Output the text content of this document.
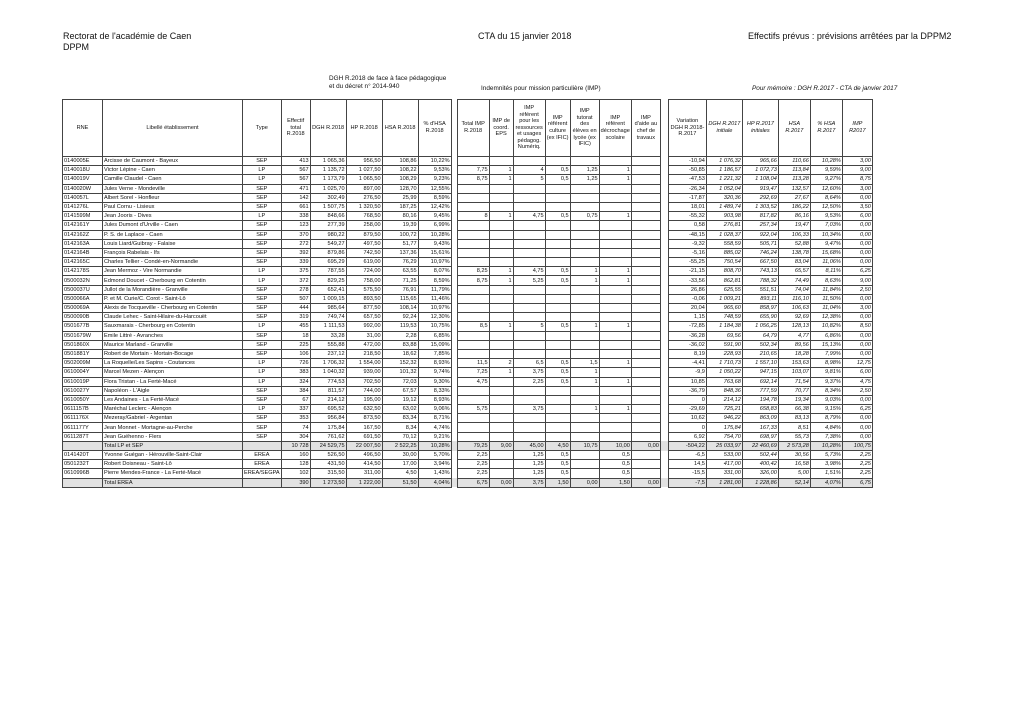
Rectorat de l'académie de Caen
DPPM
CTA du 15 janvier 2018	Effectifs prévus : prévisions arrêtées par la DPPM2
DGH R.2018 de face à face pédagogique
et du décret n° 2014-940	Indemnités pour mission particulière (IMP)	Pour mémoire : DGH R.2017 - CTA de janvier 2017
RNE	Libellé établissement	Type	Effectif total R.2018	DGH R.2018	HP R.2018	HSA R.2018	% d'HSA R.2018		Total IMP R.2018	IMP de coord. EPS	IMP référent pour les ressources et usages pédagog. Numériq.	IMP référent culture (ex IFIC)	IMP tutorat des élèves en lycée (ex IFIC)	IMP référent décrochage scolaire	IMP d'aide au chef de travaux		Variation DGH R.2018-R.2017	DGH R.2017 initiale	HP R.2017 initiales	HSA R.2017	% HSA R.2017	IMP R2017
0140005E	Arcisse de Caumont - Bayeux	SEP	413	1 065,36	956,50	108,86	10,22%										-10,94	1 076,32	965,66	110,66	10,28%	3,00
0140018U	Victor Lépine - Caen	LP	567	1 135,72	1 027,50	108,22	9,53%		7,75	1	4	0,5	1,25	1			-50,85	1 186,57	1 072,73	113,84	9,59%	9,00
0140019V	Camille Claudel - Caen	LP	567	1 173,79	1 065,50	108,29	9,23%		8,75	1	5	0,5	1,25	1			-47,53	1 221,32	1 108,04	113,28	9,27%	8,75
0140020W	Jules Verne - Mondeville	SEP	471	1 025,70	897,00	128,70	12,55%										-26,34	1 052,04	919,47	132,57	12,60%	3,00
0140057L	Albert Sorel - Honfleur	SEP	142	302,49	276,50	25,99	8,59%										-17,87	320,36	292,69	27,67	8,64%	0,00
0141276L	Paul Cornu - Lisieux	SEP	661	1 507,75	1 320,50	187,25	12,42%										18,01	1 489,74	1 303,52	186,22	12,50%	3,50
0141599M	Jean Jooris - Dives	LP	338	848,66	768,50	80,16	9,45%		8	1	4,75	0,5	0,75	1			-55,32	903,98	817,82	86,16	9,53%	6,00
0142161Y	Jules Dumont d'Urville - Caen	SEP	123	277,39	258,00	19,39	6,99%										0,58	276,81	257,34	19,47	7,03%	0,00
0142162Z	P. S. de Laplace - Caen	SEP	370	980,22	879,50	100,72	10,28%										-48,15	1 028,37	922,04	106,33	10,34%	0,00
0142163A	Louis Liard/Guibray - Falaise	SEP	272	549,27	497,50	51,77	9,43%										-9,32	558,59	505,71	52,88	9,47%	0,00
0142164B	François Rabelais - Ifs	SEP	392	879,86	742,50	137,36	15,61%										-5,16	885,02	746,24	138,78	15,68%	0,00
0142165C	Charles Tellier - Condé-en-Normandie	SEP	339	695,29	619,00	76,29	10,97%										-55,25	750,54	667,50	83,04	11,06%	0,00
0142178S	Jean Mermoz - Vire Normandie	LP	375	787,55	724,00	63,55	8,07%		8,25	1	4,75	0,5	1	1			-21,15	808,70	743,13	65,57	8,11%	6,25
0500032N	Edmond Doucet - Cherbourg en Cotentin	LP	372	829,25	758,00	71,25	8,59%		8,75	1	5,25	0,5	1	1			-33,56	862,81	788,32	74,49	8,63%	9,00
0500037U	Jullot de la Morandière - Granville	SEP	278	652,41	575,50	76,91	11,79%										26,86	625,55	551,51	74,04	11,84%	2,50
0500066A	P. et M. Curie/C. Corot - Saint-Lô	SEP	507	1 009,15	893,50	115,65	11,46%										-0,06	1 009,21	893,11	116,10	11,50%	0,00
0500069A	Alexis de Tocqueville - Cherbourg en Cotentin	SEP	444	985,64	877,50	108,14	10,97%										20,04	965,60	858,97	106,63	11,04%	3,00
0500090B	Claude Lehec - Saint-Hilaire-du-Harcouët	SEP	319	749,74	657,50	92,24	12,30%										1,15	748,59	655,90	92,69	12,38%	0,00
0501677B	Sauxmarais - Cherbourg en Cotentin	LP	455	1 111,53	992,00	119,53	10,75%		8,5	1	5	0,5	1	1			-72,85	1 184,38	1 056,25	128,13	10,82%	8,50
0501679W	Emile Littré - Avranches	SEP	18	33,28	31,00	2,28	6,85%										-36,28	69,56	64,79	4,77	6,86%	0,00
0501860X	Maurice Marland - Granville	SEP	225	555,88	472,00	83,88	15,09%										-36,02	591,90	502,34	89,56	15,13%	0,00
0501881Y	Robert de Mortain - Mortain-Bocage	SEP	106	237,12	218,50	18,62	7,85%										8,19	228,93	210,65	18,28	7,99%	0,00
0502009M	La Roquelle/Les Sapins - Coutances	LP	726	1 706,32	1 554,00	152,32	8,93%		11,5	2	6,5	0,5	1,5	1			-4,41	1 710,73	1 557,10	153,63	8,98%	12,75
0610004Y	Marcel Mezen - Alençon	LP	383	1 040,32	939,00	101,32	9,74%		7,25	1	3,75	0,5	1				-9,9	1 050,22	947,15	103,07	9,81%	6,00
0610019P	Flora Tristan - La Ferté-Macé	LP	324	774,53	702,50	72,03	9,30%		4,75		2,25	0,5	1	1			10,85	763,68	692,14	71,54	9,37%	4,75
0610027Y	Napoléon - L'Aigle	SEP	384	811,57	744,00	67,57	8,33%										-36,79	848,36	777,59	70,77	8,34%	2,50
0610050Y	Les Andaines - La Ferté-Macé	SEP	67	214,12	195,00	19,12	8,93%										0	214,12	194,78	19,34	9,03%	0,00
0611157B	Maréchal Leclerc - Alençon	LP	337	695,52	632,50	63,02	9,06%		5,75		3,75		1	1			-29,69	725,21	658,83	66,38	9,15%	6,25
0611176X	Mezeray/Gabriel - Argentan	SEP	353	956,84	873,50	83,34	8,71%										10,62	946,22	863,09	83,13	8,79%	0,00
0611177Y	Jean Monnet - Mortagne-au-Perche	SEP	74	175,84	167,50	8,34	4,74%										0	175,84	167,33	8,51	4,84%	0,00
0611287T	Jean Guéhenno - Flers	SEP	304	761,62	691,50	70,12	9,21%										6,92	754,70	698,97	55,73	7,38%	0,00
	Total LP et SEP		10 728	24 529,75	22 007,50	2 522,25	10,28%		79,25	9,00	45,00	4,50	10,75	10,00	0,00		-504,22	25 033,97	22 460,69	2 573,28	10,28%	100,75
0141420T	Yvonne Guégan - Hérouville-Saint-Clair	EREA	160	526,50	496,50	30,00	5,70%		2,25		1,25	0,5		0,5			-6,5	533,00	502,44	30,56	5,73%	2,25
0501232T	Robert Doisneau - Saint-Lô	EREA	128	431,50	414,50	17,00	3,94%		2,25		1,25	0,5		0,5			14,5	417,00	400,42	16,58	3,98%	2,25
0610996B	Pierre Mendes-France - La Ferté-Macé	EREA/SEGPA	102	315,50	311,00	4,50	1,43%		2,25		1,25	0,5		0,5			-15,5	331,00	326,00	5,00	1,51%	2,25
	Total EREA		390	1 273,50	1 222,00	51,50	4,04%		6,75	0,00	3,75	1,50	0,00	1,50	0,00		-7,5	1 281,00	1 228,86	52,14	4,07%	6,75
